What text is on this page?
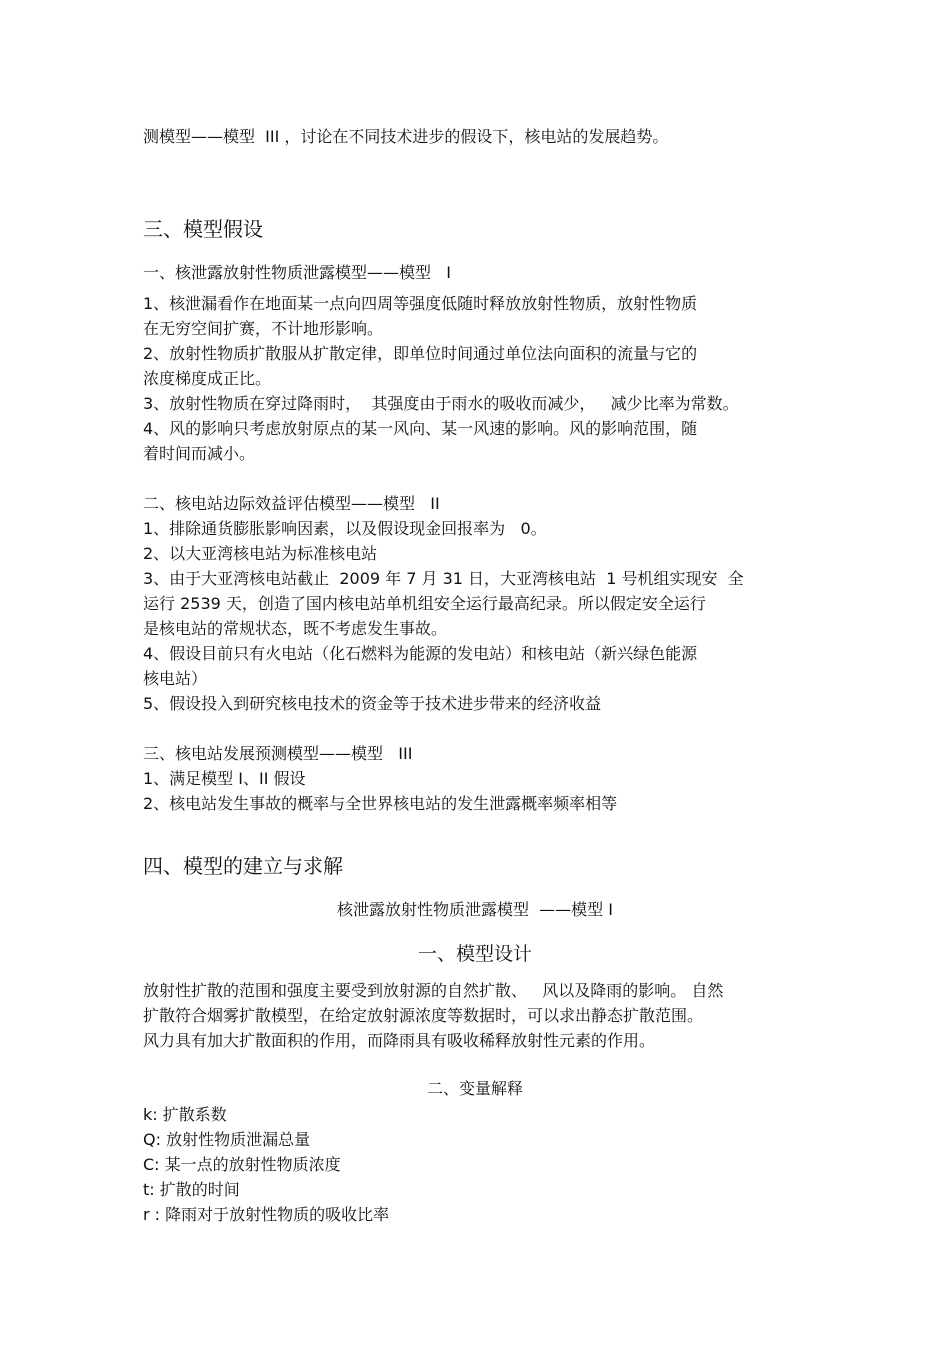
测模型——模型  III ，讨论在不同技术进步的假设下，核电站的发展趋势。
三、模型假设
一、核泄露放射性物质泄露模型——模型   I
1、核泄漏看作在地面某一点向四周等强度低随时释放放射性物质，放射性物质
在无穷空间扩赛，不计地形影响。
2、放射性物质扩散服从扩散定律，即单位时间通过单位法向面积的流量与它的
浓度梯度成正比。
3、放射性物质在穿过降雨时，  其强度由于雨水的吸收而减少，   减少比率为常数。
4、风的影响只考虑放射原点的某一风向、某一风速的影响。风的影响范围，随
着时间而减小。
二、核电站边际效益评估模型——模型   II
1、排除通货膨胀影响因素，以及假设现金回报率为   0。
2、以大亚湾核电站为标准核电站
3、由于大亚湾核电站截止  2009 年 7 月 31 日，大亚湾核电站  1 号机组实现安  全
运行 2539 天，创造了国内核电站单机组安全运行最高纪录。所以假定安全运行
是核电站的常规状态，既不考虑发生事故。
4、假设目前只有火电站（化石燃料为能源的发电站）和核电站（新兴绿色能源
核电站）
5、假设投入到研究核电技术的资金等于技术进步带来的经济收益
三、核电站发展预测模型——模型   III
1、满足模型 I、II 假设
2、核电站发生事故的概率与全世界核电站的发生泄露概率频率相等
四、模型的建立与求解
核泄露放射性物质泄露模型  ——模型 I
一、模型设计
放射性扩散的范围和强度主要受到放射源的自然扩散、   风以及降雨的影响。 自然
扩散符合烟雾扩散模型，在给定放射源浓度等数据时，可以求出静态扩散范围。
风力具有加大扩散面积的作用，而降雨具有吸收稀释放射性元素的作用。
二、变量解释
k: 扩散系数
Q: 放射性物质泄漏总量
C: 某一点的放射性物质浓度
t: 扩散的时间
r : 降雨对于放射性物质的吸收比率
